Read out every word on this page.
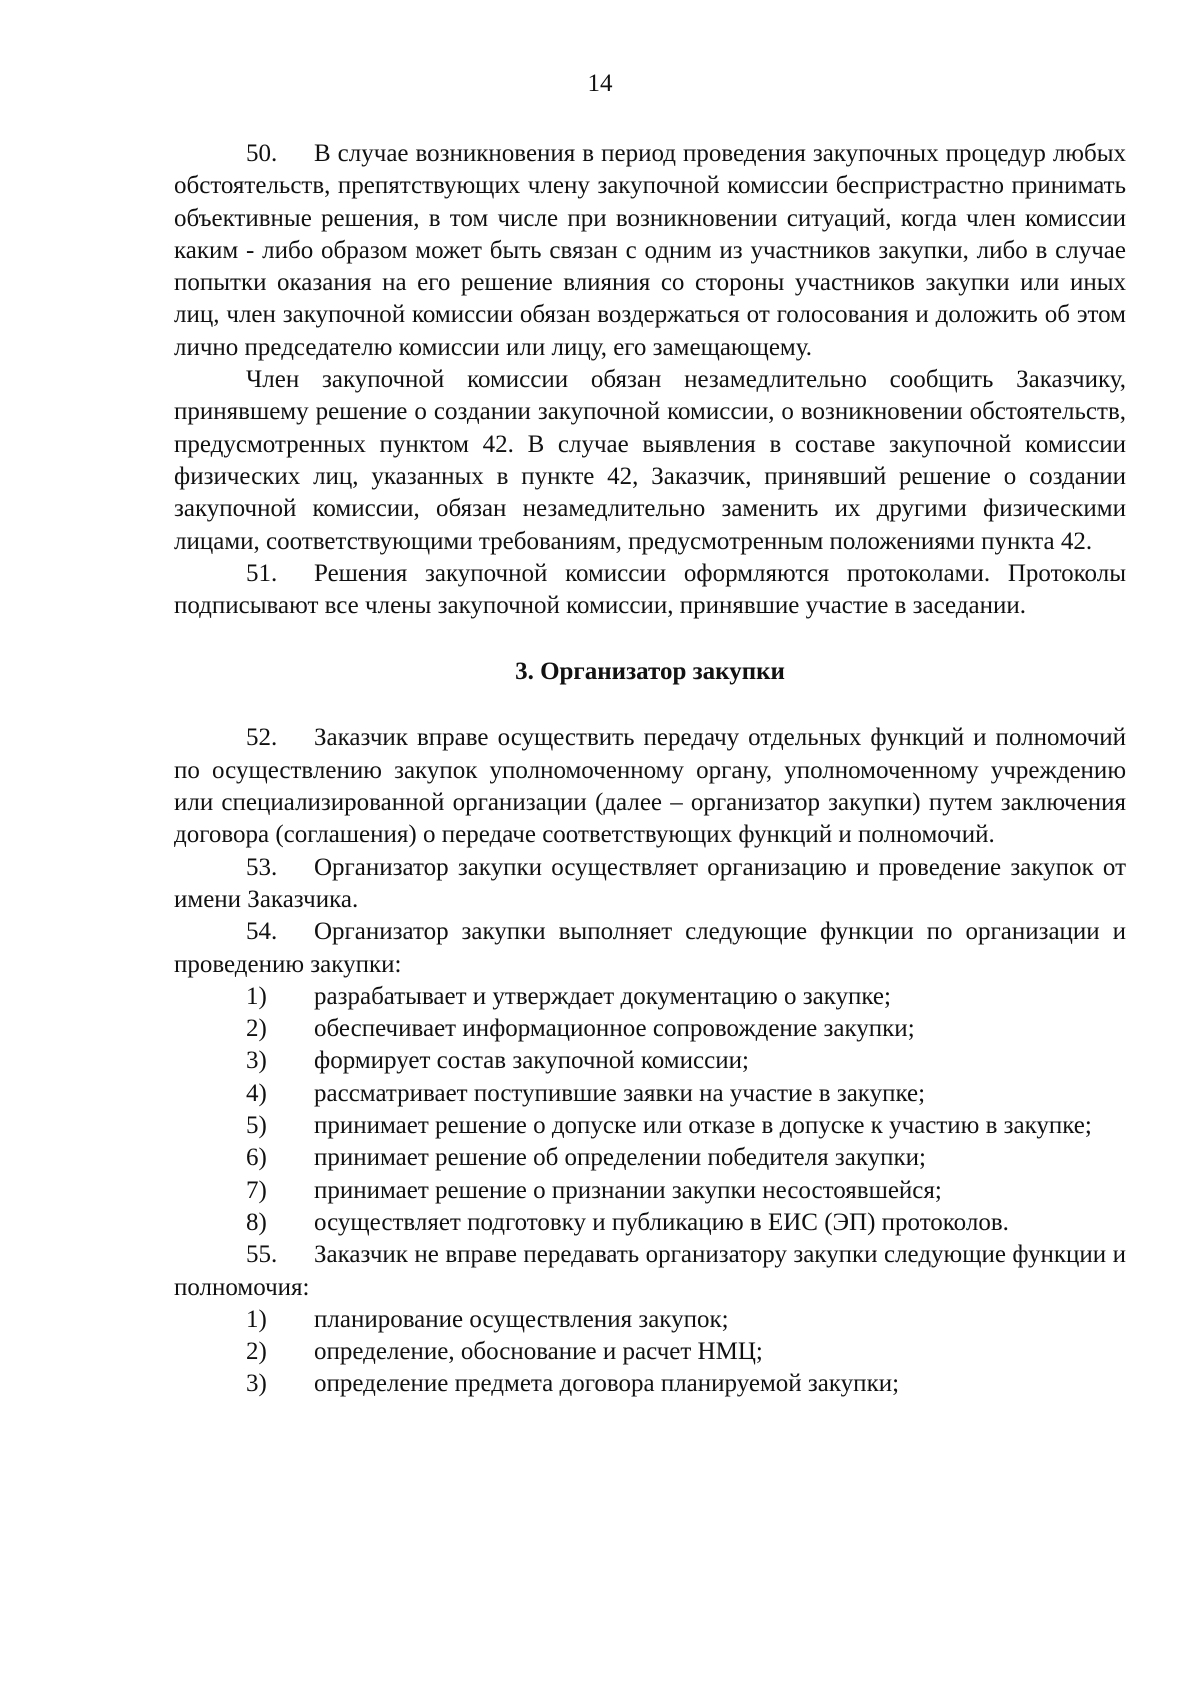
14

50. В случае возникновения в период проведения закупочных процедур любых обстоятельств, препятствующих члену закупочной комиссии беспристрастно принимать объективные решения, в том числе при возникновении ситуаций, когда член комиссии каким - либо образом может быть связан с одним из участников закупки, либо в случае попытки оказания на его решение влияния со стороны участников закупки или иных лиц, член закупочной комиссии обязан воздержаться от голосования и доложить об этом лично председателю комиссии или лицу, его замещающему.

Член закупочной комиссии обязан незамедлительно сообщить Заказчику, принявшему решение о создании закупочной комиссии, о возникновении обстоятельств, предусмотренных пунктом 42. В случае выявления в составе закупочной комиссии физических лиц, указанных в пункте 42, Заказчик, принявший решение о создании закупочной комиссии, обязан незамедлительно заменить их другими физическими лицами, соответствующими требованиям, предусмотренным положениями пункта 42.

51. Решения закупочной комиссии оформляются протоколами. Протоколы подписывают все члены закупочной комиссии, принявшие участие в заседании.

3. Организатор закупки

52. Заказчик вправе осуществить передачу отдельных функций и полномочий по осуществлению закупок уполномоченному органу, уполномоченному учреждению или специализированной организации (далее – организатор закупки) путем заключения договора (соглашения) о передаче соответствующих функций и полномочий.

53. Организатор закупки осуществляет организацию и проведение закупок от имени Заказчика.

54. Организатор закупки выполняет следующие функции по организации и проведению закупки:

1) разрабатывает и утверждает документацию о закупке;

2) обеспечивает информационное сопровождение закупки;

3) формирует состав закупочной комиссии;

4) рассматривает поступившие заявки на участие в закупке;

5) принимает решение о допуске или отказе в допуске к участию в закупке;

6) принимает решение об определении победителя закупки;

7) принимает решение о признании закупки несостоявшейся;

8) осуществляет подготовку и публикацию в ЕИС (ЭП) протоколов.

55. Заказчик не вправе передавать организатору закупки следующие функции и полномочия:

1) планирование осуществления закупок;

2) определение, обоснование и расчет НМЦ;

3) определение предмета договора планируемой закупки;
